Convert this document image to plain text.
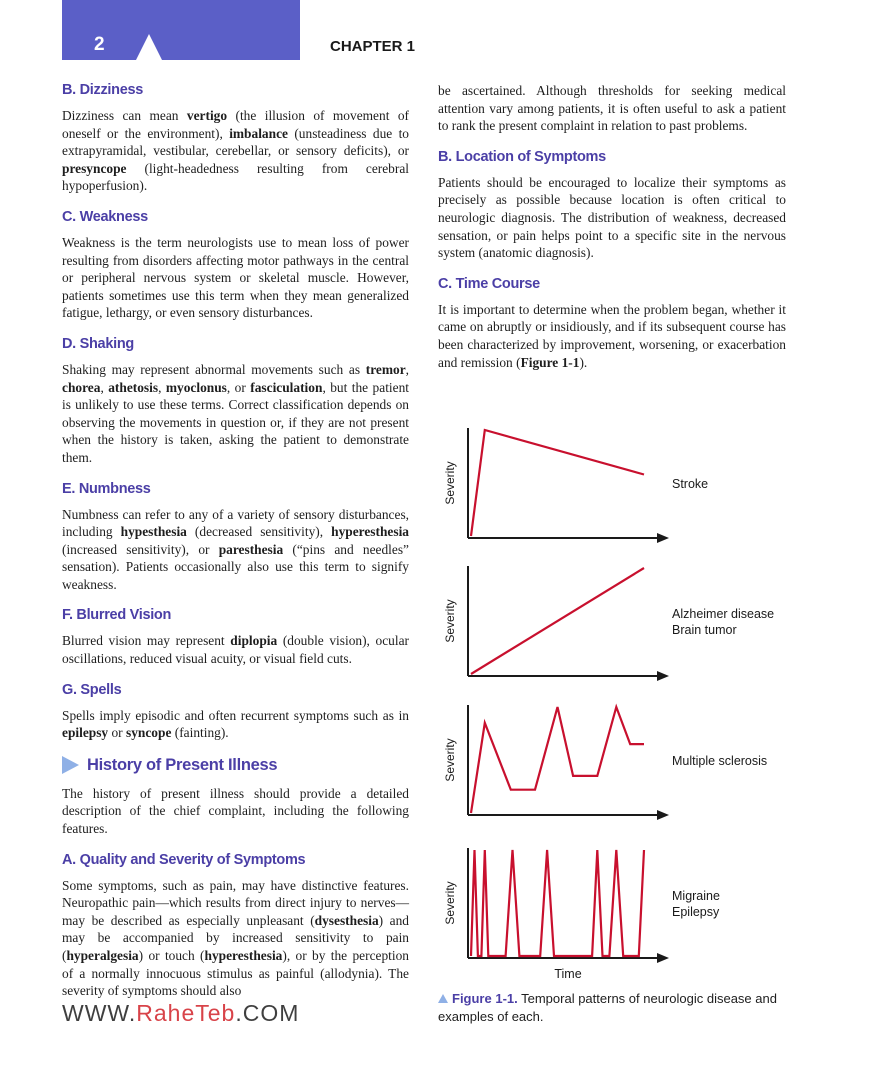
2	CHAPTER 1
B. Dizziness

Dizziness can mean vertigo (the illusion of movement of oneself or the environment), imbalance (unsteadiness due to extrapyramidal, vestibular, cerebellar, or sensory deficits), or presyncope (light-headedness resulting from cerebral hypoperfusion).

C. Weakness

Weakness is the term neurologists use to mean loss of power resulting from disorders affecting motor pathways in the central or peripheral nervous system or skeletal muscle. However, patients sometimes use this term when they mean generalized fatigue, lethargy, or even sensory disturbances.

D. Shaking

Shaking may represent abnormal movements such as tremor, chorea, athetosis, myoclonus, or fasciculation, but the patient is unlikely to use these terms. Correct classification depends on observing the movements in question or, if they are not present when the history is taken, asking the patient to demonstrate them.

E. Numbness

Numbness can refer to any of a variety of sensory disturbances, including hypesthesia (decreased sensitivity), hyperesthesia (increased sensitivity), or paresthesia (“pins and needles” sensation). Patients occasionally also use this term to signify weakness.

F. Blurred Vision

Blurred vision may represent diplopia (double vision), ocular oscillations, reduced visual acuity, or visual field cuts.

G. Spells

Spells imply episodic and often recurrent symptoms such as in epilepsy or syncope (fainting).

History of Present Illness

The history of present illness should provide a detailed description of the chief complaint, including the following features.

A. Quality and Severity of Symptoms

Some symptoms, such as pain, may have distinctive features. Neuropathic pain—which results from direct injury to nerves—may be described as especially unpleasant (dysesthesia) and may be accompanied by increased sensitivity to pain (hyperalgesia) or touch (hyperesthesia), or by the perception of a normally innocuous stimulus as painful (allodynia). The severity of symptoms should also

be ascertained. Although thresholds for seeking medical attention vary among patients, it is often useful to ask a patient to rank the present complaint in relation to past problems.

B. Location of Symptoms

Patients should be encouraged to localize their symptoms as precisely as possible because location is often critical to neurologic diagnosis. The distribution of weakness, decreased sensation, or pain helps point to a specific site in the nervous system (anatomic diagnosis).

C. Time Course

It is important to determine when the problem began, whether it came on abruptly or insidiously, and if its subsequent course has been characterized by improvement, worsening, or exacerbation and remission (Figure 1-1).

Severity	Stroke
Severity	Alzheimer disease
Brain tumor
Severity	Multiple sclerosis
Severity	Migraine
Epilepsy
Time
Figure 1-1. Temporal patterns of neurologic disease and examples of each.
WWW.RaheTeb.COM
